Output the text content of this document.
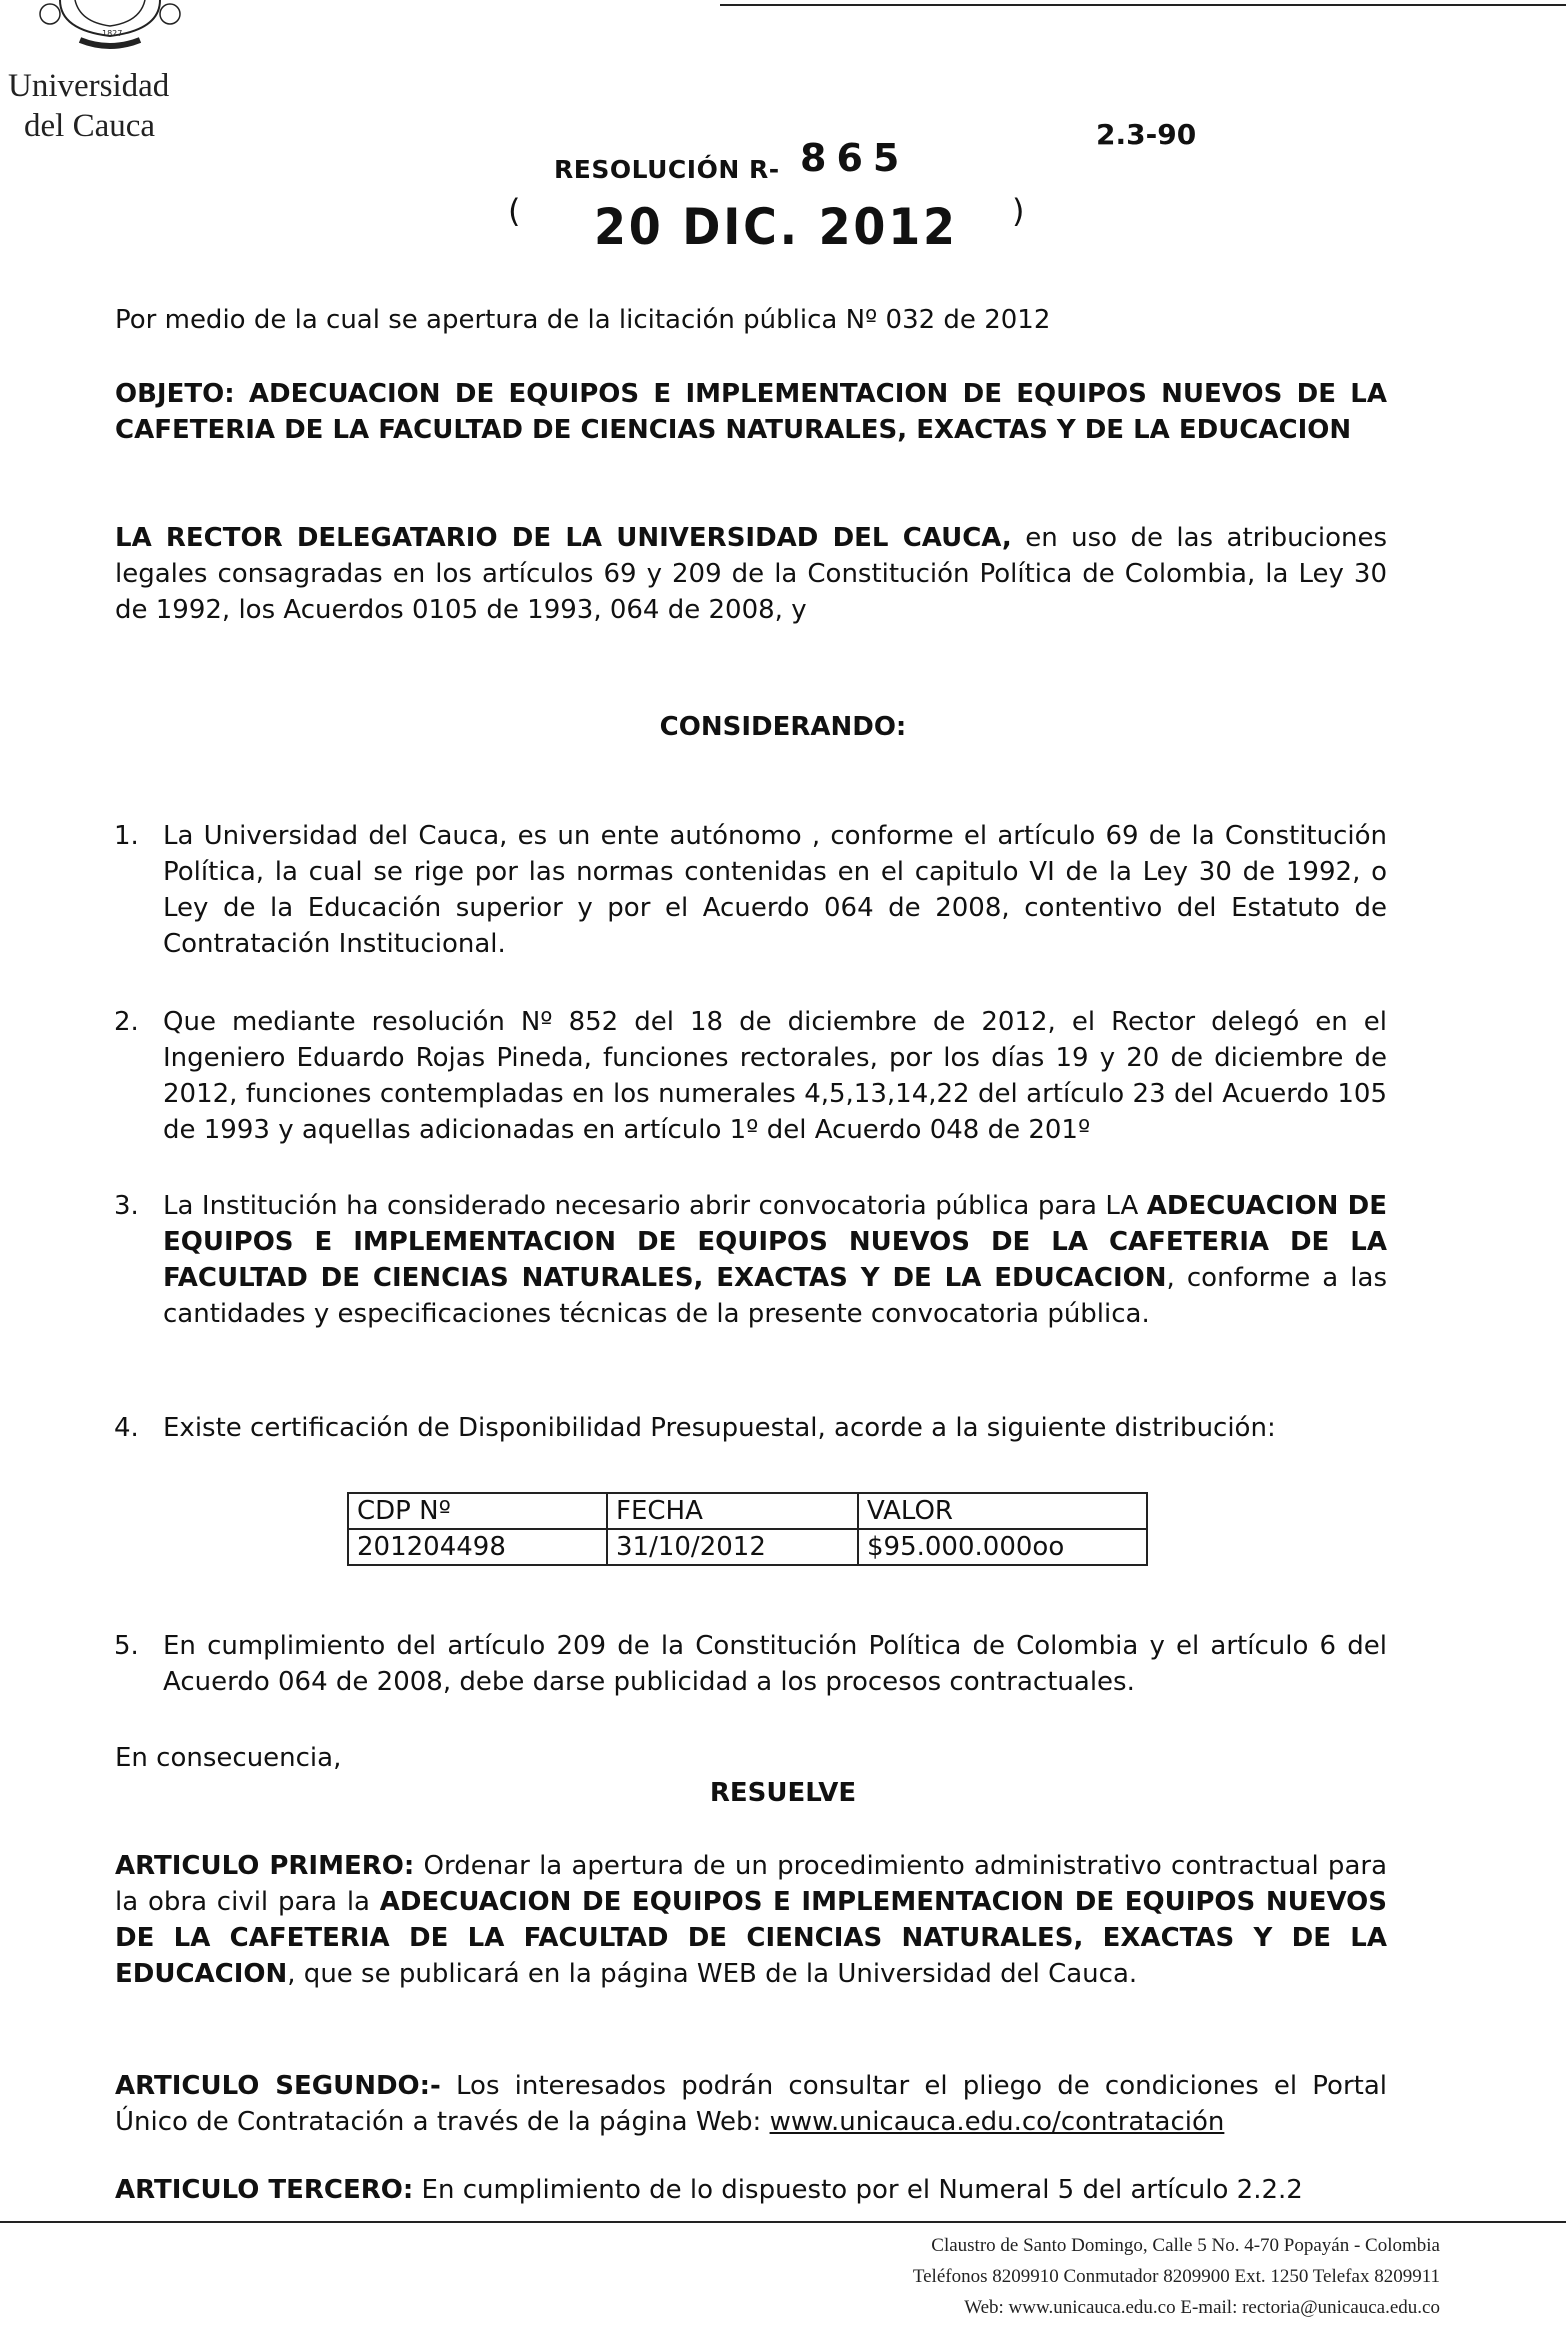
1827
Universidad
del Cauca
RESOLUCIÓN R- 865
2.3-90
( 20 DIC. 2012 )
Por medio de la cual se apertura de la licitación pública Nº 032 de 2012
OBJETO: ADECUACION DE EQUIPOS E IMPLEMENTACION DE EQUIPOS NUEVOS DE LA CAFETERIA DE LA FACULTAD DE CIENCIAS NATURALES, EXACTAS Y DE LA EDUCACION
LA RECTOR DELEGATARIO DE LA UNIVERSIDAD DEL CAUCA, en uso de las atribuciones legales consagradas en los artículos 69 y 209 de la Constitución Política de Colombia, la Ley 30 de 1992, los Acuerdos 0105 de 1993, 064 de 2008, y
CONSIDERANDO:
1. La Universidad del Cauca, es un ente autónomo , conforme el artículo 69 de la Constitución Política, la cual se rige por las normas contenidas en el capitulo VI de la Ley 30 de 1992, o Ley de la Educación superior y por el Acuerdo 064 de 2008, contentivo del Estatuto de Contratación Institucional.
2. Que mediante resolución Nº 852 del 18 de diciembre de 2012, el Rector delegó en el Ingeniero Eduardo Rojas Pineda, funciones rectorales, por los días 19 y 20 de diciembre de 2012, funciones contempladas en los numerales 4,5,13,14,22 del artículo 23 del Acuerdo 105 de 1993 y aquellas adicionadas en artículo 1º del Acuerdo 048 de 201º
3. La Institución ha considerado necesario abrir convocatoria pública para LA ADECUACION DE EQUIPOS E IMPLEMENTACION DE EQUIPOS NUEVOS DE LA CAFETERIA DE LA FACULTAD DE CIENCIAS NATURALES, EXACTAS Y DE LA EDUCACION, conforme a las cantidades y especificaciones técnicas de la presente convocatoria pública.
4. Existe certificación de Disponibilidad Presupuestal, acorde a la siguiente distribución:
CDP Nº	FECHA	VALOR
201204498	31/10/2012	$95.000.000oo
5. En cumplimiento del artículo 209 de la Constitución Política de Colombia y el artículo 6 del Acuerdo 064 de 2008, debe darse publicidad a los procesos contractuales.
En consecuencia,
RESUELVE
ARTICULO PRIMERO: Ordenar la apertura de un procedimiento administrativo contractual para la obra civil para la ADECUACION DE EQUIPOS E IMPLEMENTACION DE EQUIPOS NUEVOS DE LA CAFETERIA DE LA FACULTAD DE CIENCIAS NATURALES, EXACTAS Y DE LA EDUCACION, que se publicará en la página WEB de la Universidad del Cauca.
ARTICULO SEGUNDO:- Los interesados podrán consultar el pliego de condiciones el Portal Único de Contratación a través de la página Web: www.unicauca.edu.co/contratación
ARTICULO TERCERO: En cumplimiento de lo dispuesto por el Numeral 5 del artículo 2.2.2
Claustro de Santo Domingo, Calle 5 No. 4-70 Popayán - Colombia
Teléfonos 8209910 Conmutador 8209900 Ext. 1250 Telefax 8209911
Web: www.unicauca.edu.co E-mail: rectoria@unicauca.edu.co
